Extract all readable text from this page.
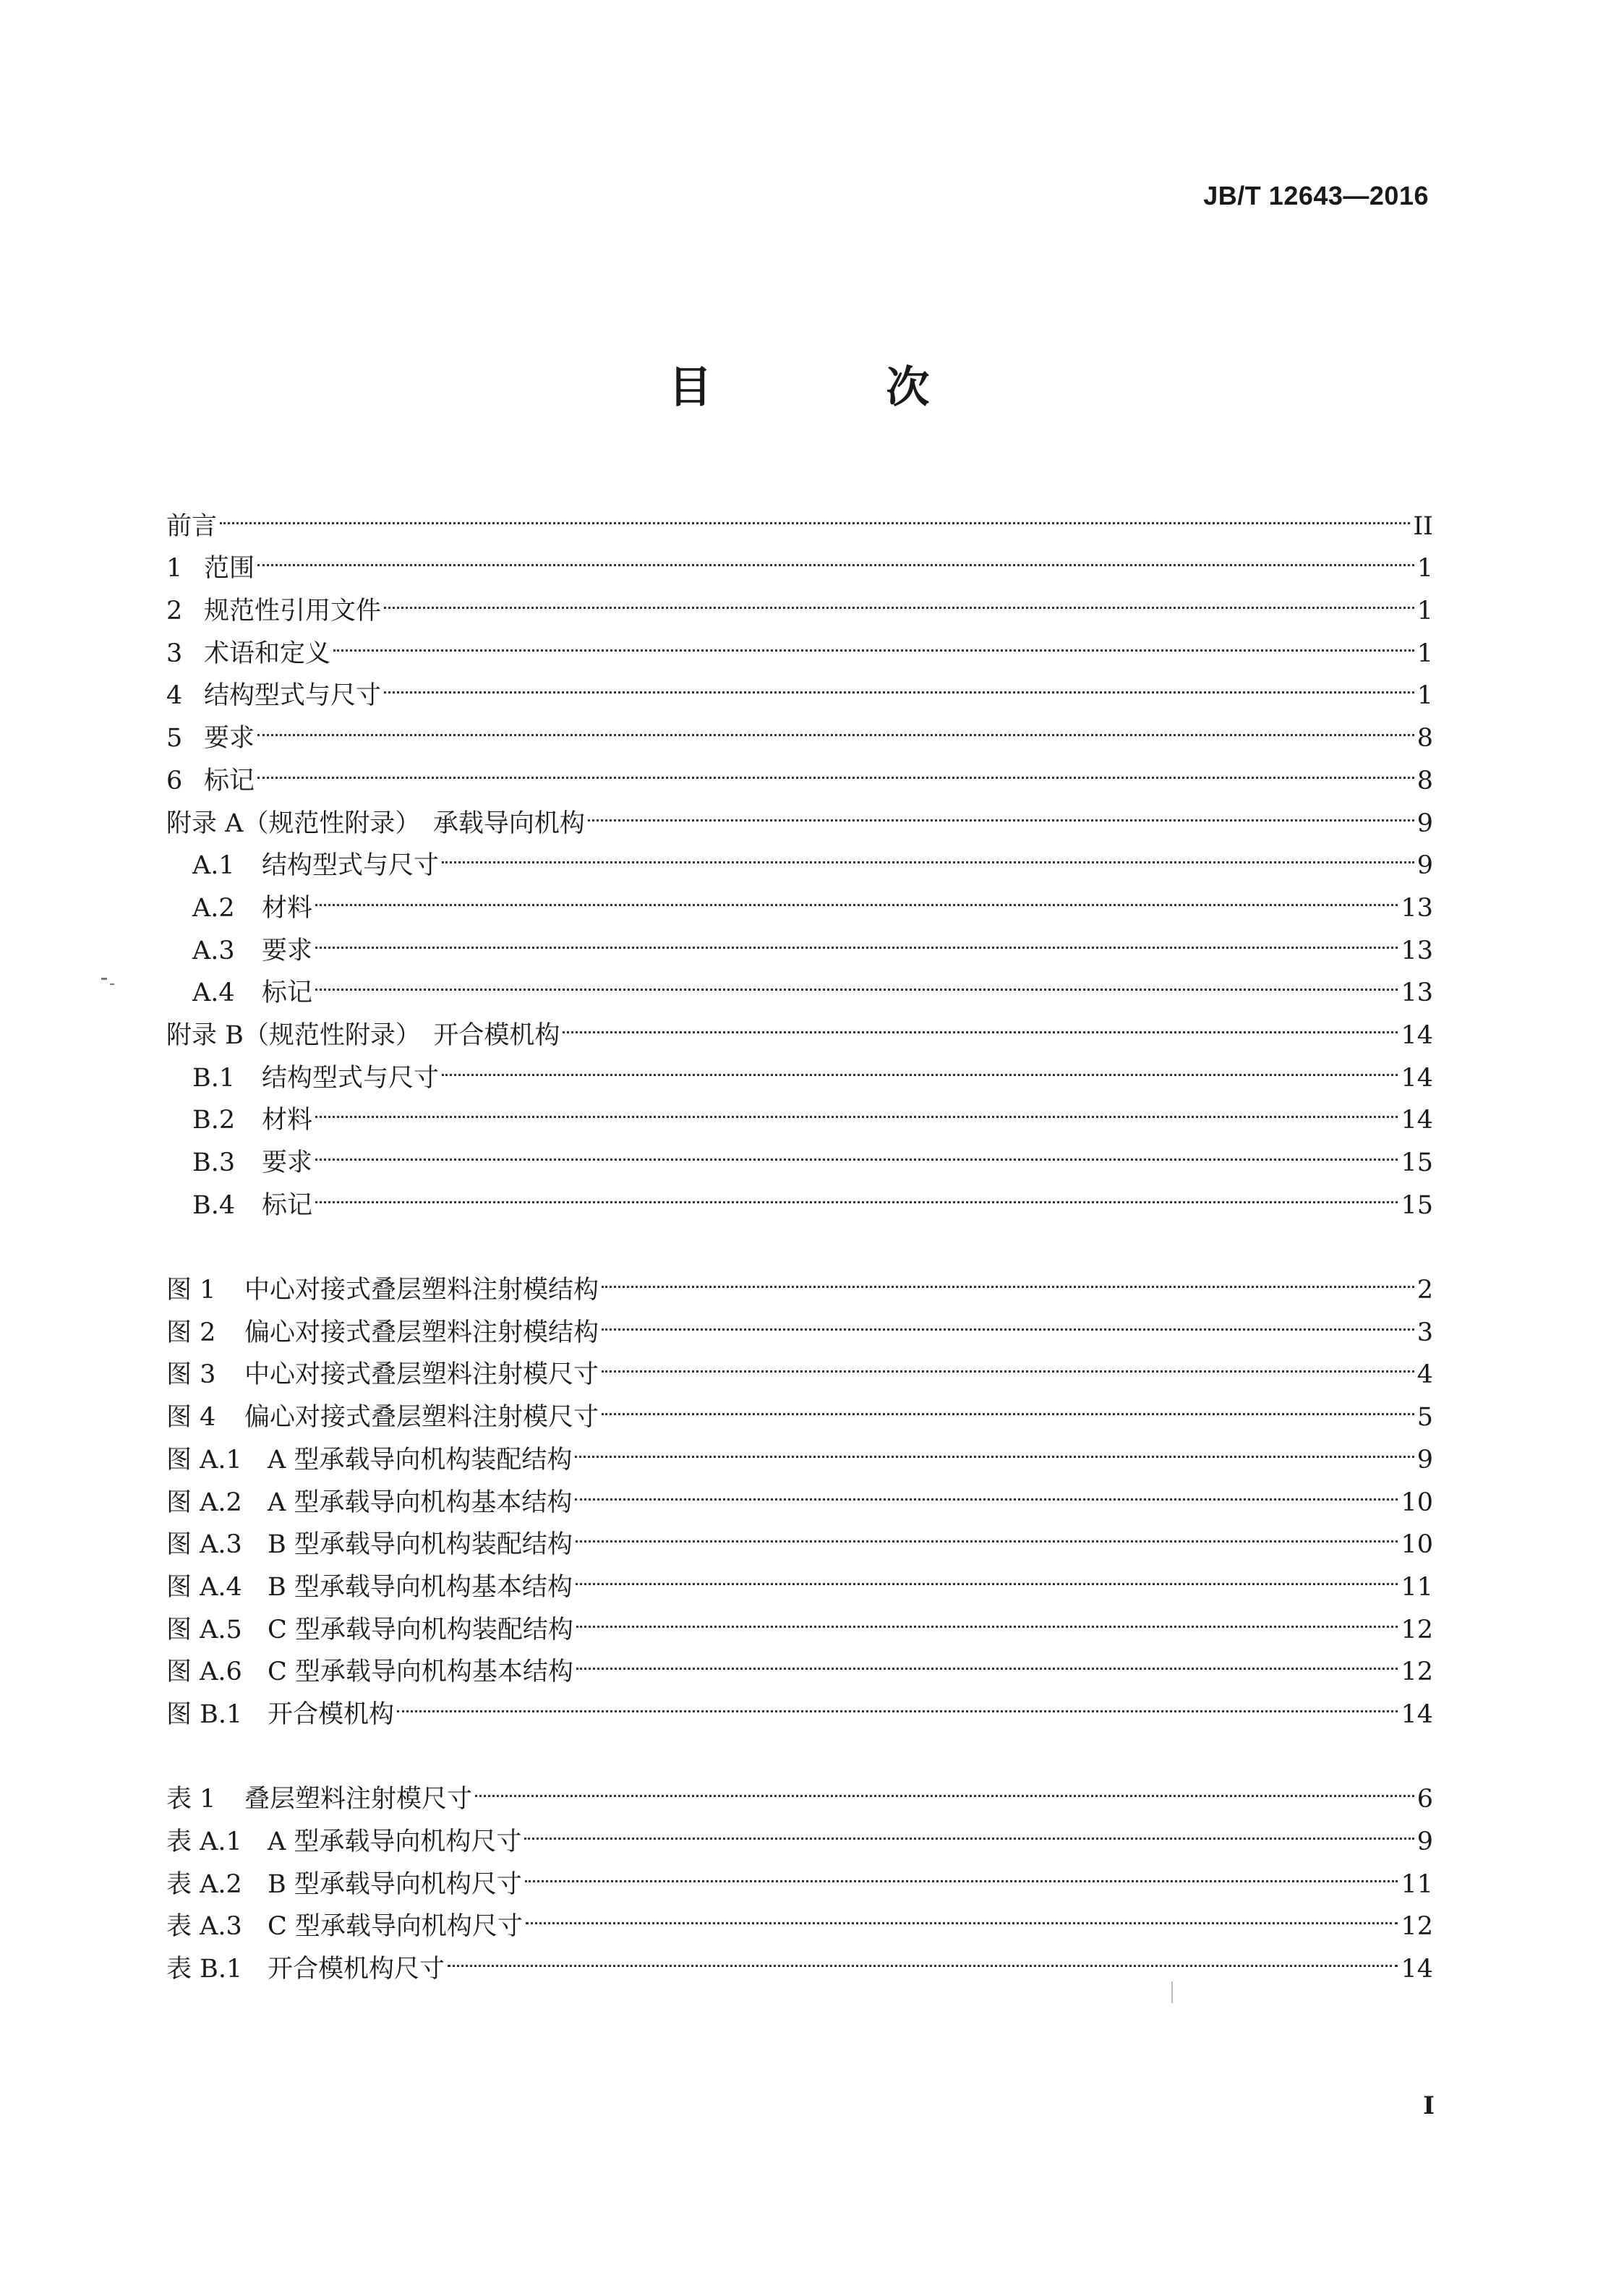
JB/T 12643—2016
目 次
前言	II
1 范围	1
2 规范性引用文件	1
3 术语和定义	1
4 结构型式与尺寸	1
5 要求	8
6 标记	8
附录 A（规范性附录）　承载导向机构	9
A.1	结构型式与尺寸	9
A.2	材料	13
A.3	要求	13
A.4	标记	13
附录 B（规范性附录）　开合模机构	14
B.1	结构型式与尺寸	14
B.2	材料	14
B.3	要求	15
B.4	标记	15
图 1	中心对接式叠层塑料注射模结构	2
图 2	偏心对接式叠层塑料注射模结构	3
图 3	中心对接式叠层塑料注射模尺寸	4
图 4	偏心对接式叠层塑料注射模尺寸	5
图 A.1	A 型承载导向机构装配结构	9
图 A.2	A 型承载导向机构基本结构	10
图 A.3	B 型承载导向机构装配结构	10
图 A.4	B 型承载导向机构基本结构	11
图 A.5	C 型承载导向机构装配结构	12
图 A.6	C 型承载导向机构基本结构	12
图 B.1 开合模机构	14
表 1	叠层塑料注射模尺寸	6
表 A.1	A 型承载导向机构尺寸	9
表 A.2	B 型承载导向机构尺寸	11
表 A.3	C 型承载导向机构尺寸	12
表 B.1 开合模机构尺寸	14
I
